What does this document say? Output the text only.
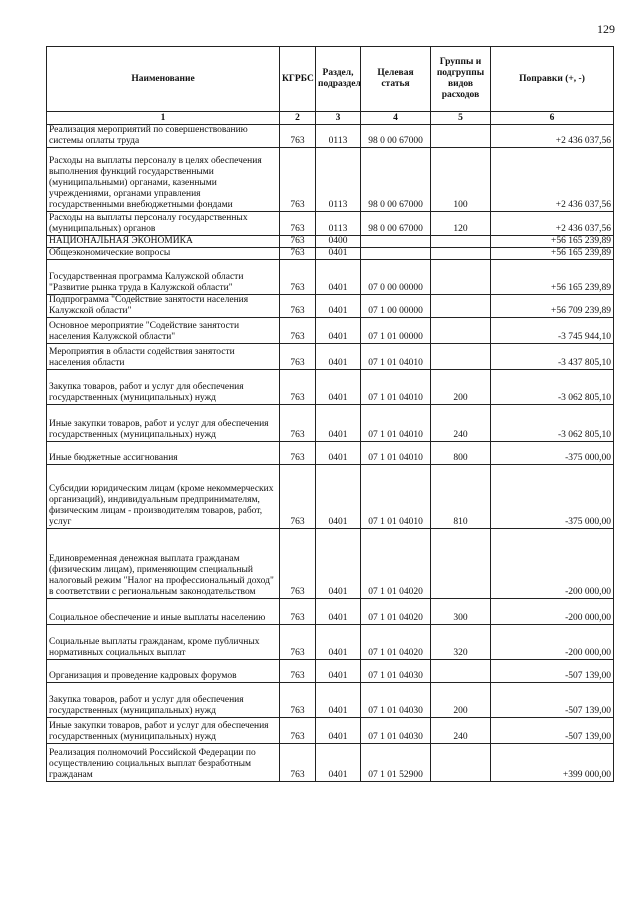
129
Наименование	КГРБС	Раздел, подраздел	Целевая статья	Группы и подгруппы видов расходов	Поправки (+, -)
1	2	3	4	5	6
Реализация мероприятий по совершенствованию системы оплаты труда	763	0113	98 0 00 67000		+2 436 037,56
Расходы на выплаты персоналу в целях обеспечения выполнения функций государственными (муниципальными) органами, казенными учреждениями, органами управления государственными внебюджетными фондами	763	0113	98 0 00 67000	100	+2 436 037,56
Расходы на выплаты персоналу государственных (муниципальных) органов	763	0113	98 0 00 67000	120	+2 436 037,56
НАЦИОНАЛЬНАЯ ЭКОНОМИКА	763	0400			+56 165 239,89
Общеэкономические вопросы	763	0401			+56 165 239,89
Государственная программа Калужской области "Развитие рынка труда в Калужской области"	763	0401	07 0 00 00000		+56 165 239,89
Подпрограмма "Содействие занятости населения Калужской области"	763	0401	07 1 00 00000		+56 709 239,89
Основное мероприятие "Содействие занятости населения Калужской области"	763	0401	07 1 01 00000		-3 745 944,10
Мероприятия в области содействия занятости населения области	763	0401	07 1 01 04010		-3 437 805,10
Закупка товаров, работ и услуг для обеспечения государственных (муниципальных) нужд	763	0401	07 1 01 04010	200	-3 062 805,10
Иные закупки товаров, работ и услуг для обеспечения государственных (муниципальных) нужд	763	0401	07 1 01 04010	240	-3 062 805,10
Иные бюджетные ассигнования	763	0401	07 1 01 04010	800	-375 000,00
Субсидии юридическим лицам (кроме некоммерческих организаций), индивидуальным предпринимателям, физическим лицам - производителям товаров, работ, услуг	763	0401	07 1 01 04010	810	-375 000,00
Единовременная денежная выплата гражданам (физическим лицам), применяющим специальный налоговый режим "Налог на профессиональный доход" в соответствии с региональным законодательством	763	0401	07 1 01 04020		-200 000,00
Социальное обеспечение и иные выплаты населению	763	0401	07 1 01 04020	300	-200 000,00
Социальные выплаты гражданам, кроме публичных нормативных социальных выплат	763	0401	07 1 01 04020	320	-200 000,00
Организация и проведение кадровых форумов	763	0401	07 1 01 04030		-507 139,00
Закупка товаров, работ и услуг для обеспечения государственных (муниципальных) нужд	763	0401	07 1 01 04030	200	-507 139,00
Иные закупки товаров, работ и услуг для обеспечения государственных (муниципальных) нужд	763	0401	07 1 01 04030	240	-507 139,00
Реализация полномочий Российской Федерации по осуществлению социальных выплат безработным гражданам	763	0401	07 1 01 52900		+399 000,00
